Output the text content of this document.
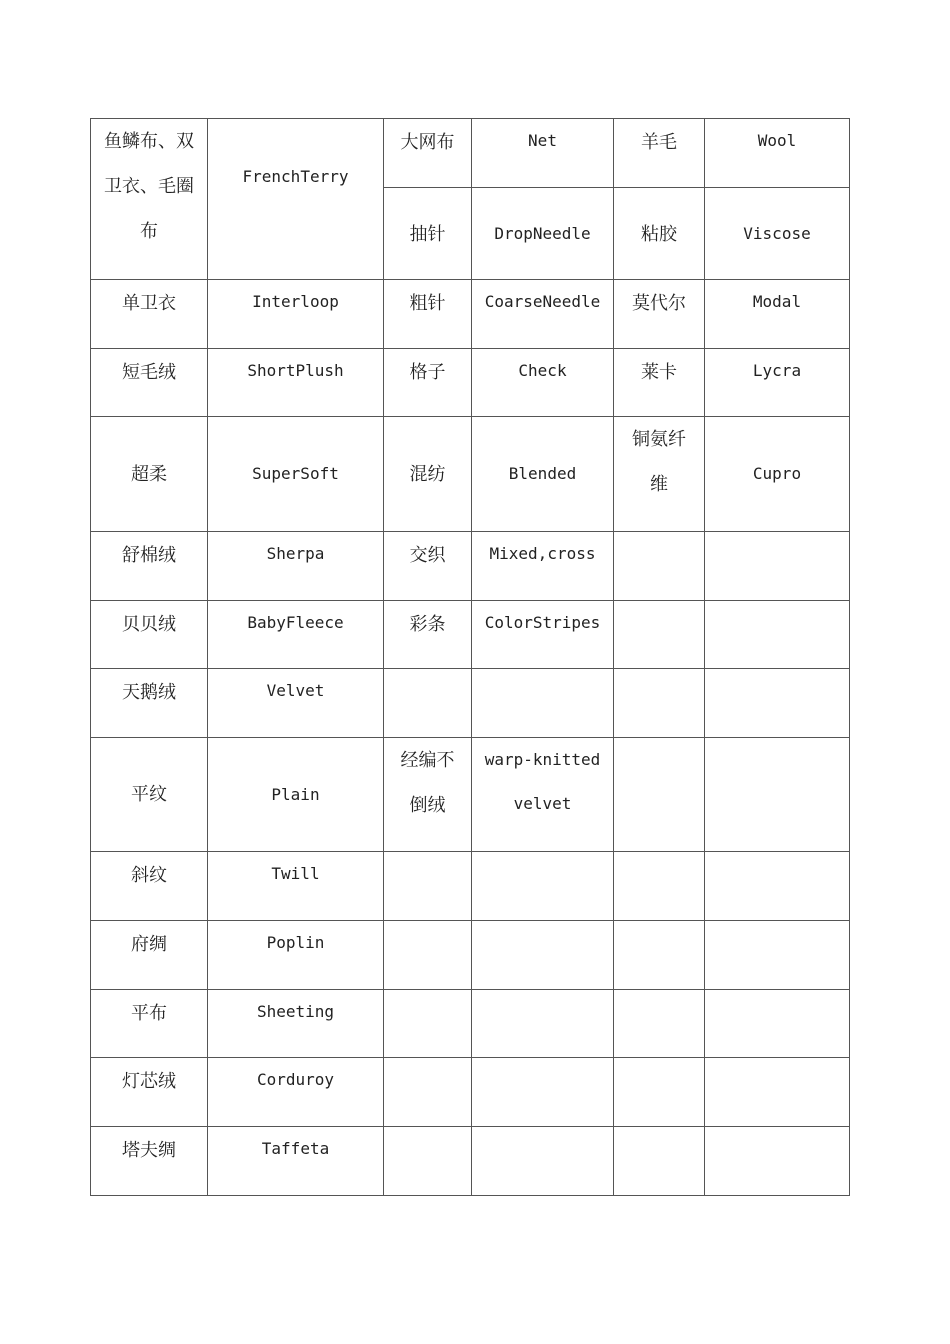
鱼鳞布、双卫衣、毛圈布	FrenchTerry	大网布	Net	羊毛	Wool
		抽针	DropNeedle	粘胶	Viscose
单卫衣	Interloop	粗针	CoarseNeedle	莫代尔	Modal
短毛绒	ShortPlush	格子	Check	莱卡	Lycra
超柔	SuperSoft	混纺	Blended	铜氨纤维	Cupro
舒棉绒	Sherpa	交织	Mixed,cross		
贝贝绒	BabyFleece	彩条	ColorStripes		
天鹅绒	Velvet				
平纹	Plain	经编不倒绒	warp-knitted velvet		
斜纹	Twill				
府绸	Poplin				
平布	Sheeting				
灯芯绒	Corduroy				
塔夫绸	Taffeta				
